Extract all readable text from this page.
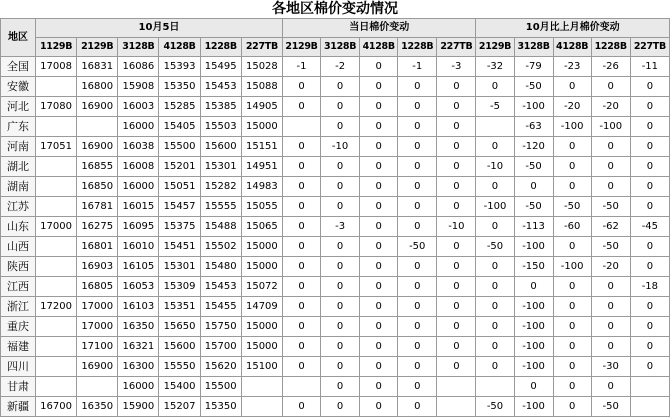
各地区棉价变动情况
地区	10月5日						当日棉价变动					10月比上月棉价变动				
	1129B	2129B	3128B	4128B	1228B	227TB	2129B	3128B	4128B	1228B	227TB	2129B	3128B	4128B	1228B	227TB
全国	17008	16831	16086	15393	15495	15028	-1	-2	0	-1	-3	-32	-79	-23	-26	-11
安徽		16800	15908	15350	15453	15088	0	0	0	0	0	0	-50	0	0	0
河北	17080	16900	16003	15285	15385	14905	0	0	0	0	0	-5	-100	-20	-20	0
广东			16000	15405	15503	15000		0	0	0	0		-63	-100	-100	0
河南	17051	16900	16038	15500	15600	15151	0	-10	0	0	0	0	-120	0	0	0
湖北		16855	16008	15201	15301	14951	0	0	0	0	0	-10	-50	0	0	0
湖南		16850	16000	15051	15282	14983	0	0	0	0	0	0	0	0	0	0
江苏		16781	16015	15457	15555	15055	0	0	0	0	0	-100	-50	-50	-50	0
山东	17000	16275	16095	15375	15488	15065	0	-3	0	0	-10	0	-113	-60	-62	-45
山西		16801	16010	15451	15502	15000	0	0	0	-50	0	-50	-100	0	-50	0
陕西		16903	16105	15301	15480	15000	0	0	0	0	0	0	-150	-100	-20	0
江西		16805	16053	15309	15453	15072	0	0	0	0	0	0	0	0	0	-18
浙江	17200	17000	16103	15351	15455	14709	0	0	0	0	0	0	-100	0	0	0
重庆		17000	16350	15650	15750	15000	0	0	0	0	0	0	-100	0	0	0
福建		17100	16321	15600	15700	15000	0	0	0	0	0	0	-100	0	0	0
四川		16900	16300	15550	15620	15100	0	0	0	0	0	0	-100	0	-30	0
甘肃			16000	15400	15500			0	0	0			0	0	0	
新疆	16700	16350	15900	15207	15350		0	0	0	0		-50	-100	0	-50	
